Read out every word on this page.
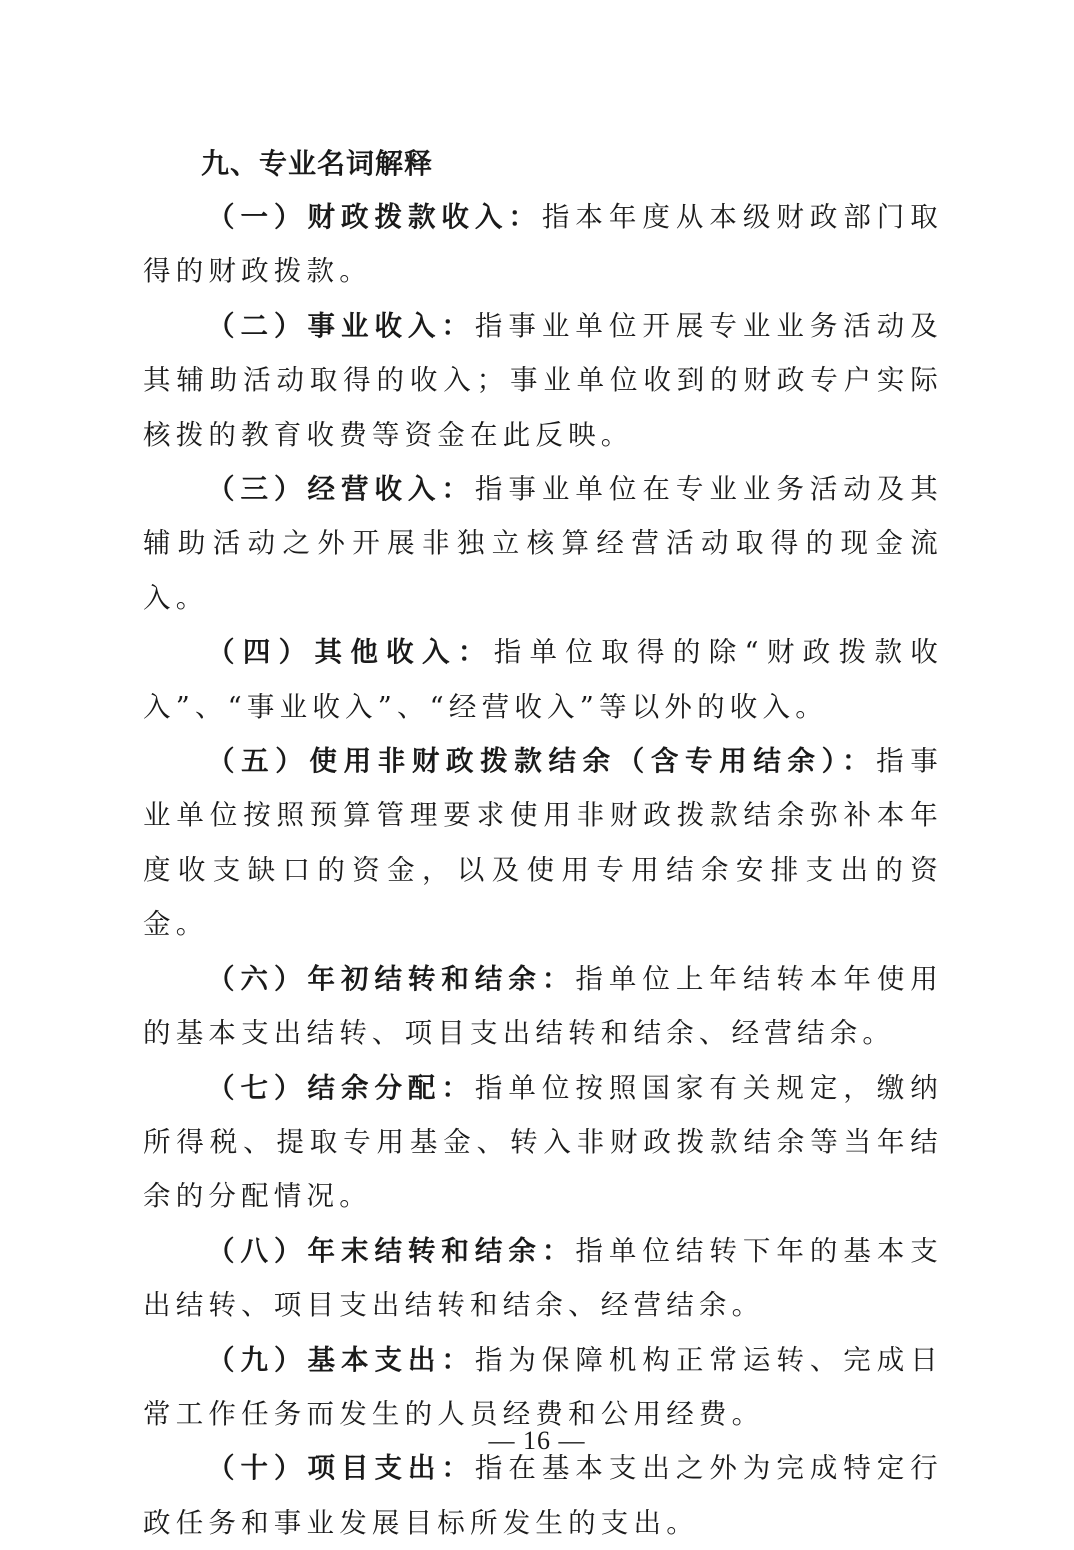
九、专业名词解释

（一）财政拨款收入：指本年度从本级财政部门取得的财政拨款。

（二）事业收入：指事业单位开展专业业务活动及其辅助活动取得的收入；事业单位收到的财政专户实际核拨的教育收费等资金在此反映。

（三）经营收入：指事业单位在专业业务活动及其辅助活动之外开展非独立核算经营活动取得的现金流入。

（四）其他收入：指单位取得的除“财政拨款收入”、“事业收入”、“经营收入”等以外的收入。

（五）使用非财政拨款结余（含专用结余）：指事业单位按照预算管理要求使用非财政拨款结余弥补本年度收支缺口的资金，以及使用专用结余安排支出的资金。

（六）年初结转和结余：指单位上年结转本年使用的基本支出结转、项目支出结转和结余、经营结余。

（七）结余分配：指单位按照国家有关规定，缴纳所得税、提取专用基金、转入非财政拨款结余等当年结余的分配情况。

（八）年末结转和结余：指单位结转下年的基本支出结转、项目支出结转和结余、经营结余。

（九）基本支出：指为保障机构正常运转、完成日常工作任务而发生的人员经费和公用经费。

（十）项目支出：指在基本支出之外为完成特定行政任务和事业发展目标所发生的支出。

— 16 —
